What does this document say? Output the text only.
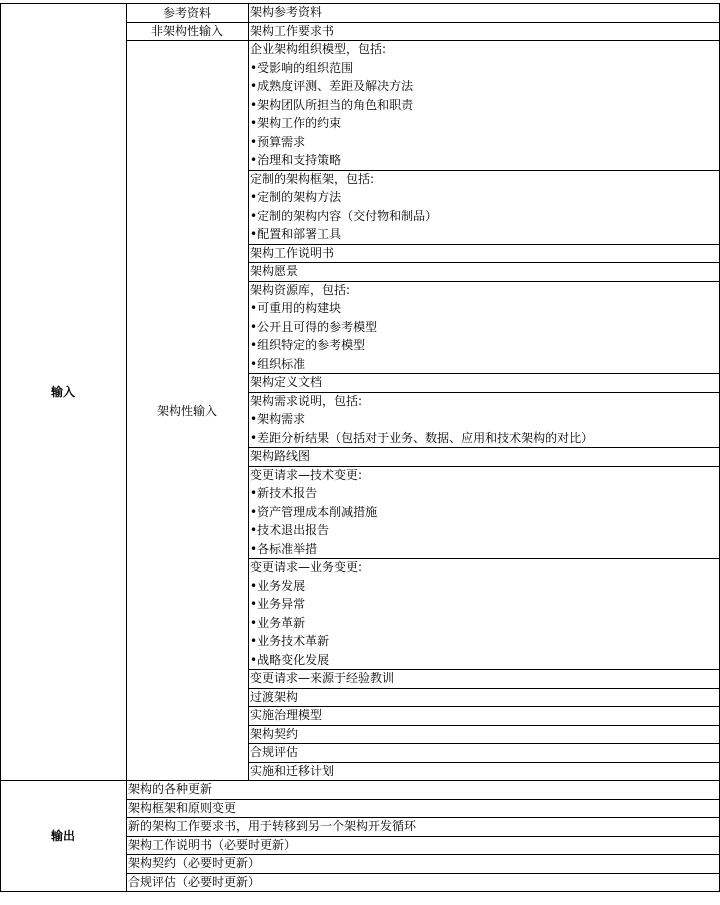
架构参考资料
参考资料
架构工作要求书
非架构性输入
企业架构组织模型，包括:
•受影响的组织范围
•成熟度评测、差距及解决方法
•架构团队所担当的角色和职责
•架构工作的约束
•预算需求
•治理和支持策略
定制的架构框架，包括:
•定制的架构方法
•定制的架构内容（交付物和制品）
•配置和部署工具
架构工作说明书
架构愿景
架构资源库，包括:
•可重用的构建块
•公开且可得的参考模型
•组织特定的参考模型
•组织标准
架构定义文档
架构需求说明，包括:
•架构需求
•差距分析结果（包括对于业务、数据、应用和技术架构的对比）
架构路线图
变更请求—技术变更:
•新技术报告
•资产管理成本削减措施
•技术退出报告
•各标准举措
变更请求—业务变更:
•业务发展
•业务异常
•业务革新
•业务技术革新
•战略变化发展
变更请求—来源于经验教训
过渡架构
实施治理模型
架构契约
合规评估
实施和迁移计划
架构性输入
输入
架构的各种更新
架构框架和原则变更
新的架构工作要求书，用于转移到另一个架构开发循环
架构工作说明书（必要时更新）
架构契约（必要时更新）
合规评估（必要时更新）
输出
